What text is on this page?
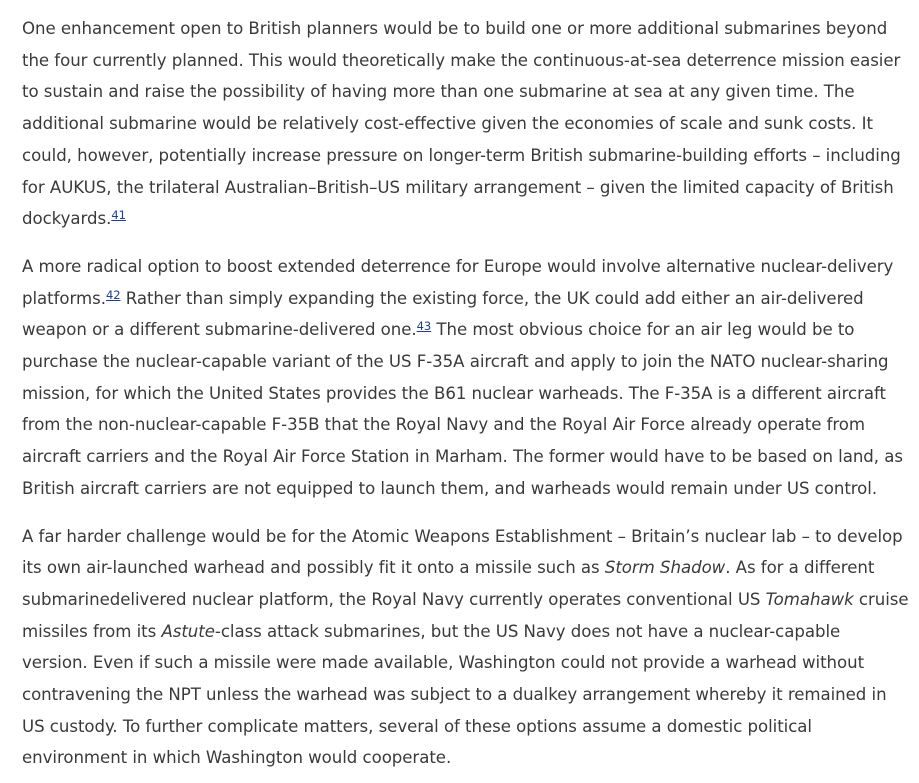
One enhancement open to British planners would be to build one or more additional submarines beyond the four currently planned. This would theoretically make the continuous-at-sea deterrence mission easier to sustain and raise the possibility of having more than one submarine at sea at any given time. The additional submarine would be relatively cost-effective given the economies of scale and sunk costs. It could, however, potentially increase pressure on longer-term British submarine-building efforts – including for AUKUS, the trilateral Australian–British–US military arrangement – given the limited capacity of British dockyards.$^{41}$

A more radical option to boost extended deterrence for Europe would involve alternative nuclear-delivery platforms.$^{42}$ Rather than simply expanding the existing force, the UK could add either an air-delivered weapon or a different submarine-delivered one.$^{43}$ The most obvious choice for an air leg would be to purchase the nuclear-capable variant of the US F-35A aircraft and apply to join the NATO nuclear-sharing mission, for which the United States provides the B61 nuclear warheads. The F-35A is a different aircraft from the non-nuclear-capable F-35B that the Royal Navy and the Royal Air Force already operate from aircraft carriers and the Royal Air Force Station in Marham. The former would have to be based on land, as British aircraft carriers are not equipped to launch them, and warheads would remain under US control.

A far harder challenge would be for the Atomic Weapons Establishment – Britain’s nuclear lab – to develop its own air-launched warhead and possibly fit it onto a missile such as Storm Shadow. As for a different submarinedelivered nuclear platform, the Royal Navy currently operates conventional US Tomahawk cruise missiles from its Astute-class attack submarines, but the US Navy does not have a nuclear-capable version. Even if such a missile were made available, Washington could not provide a warhead without contravening the NPT unless the warhead was subject to a dualkey arrangement whereby it remained in US custody. To further complicate matters, several of these options assume a domestic political environment in which Washington would cooperate.
